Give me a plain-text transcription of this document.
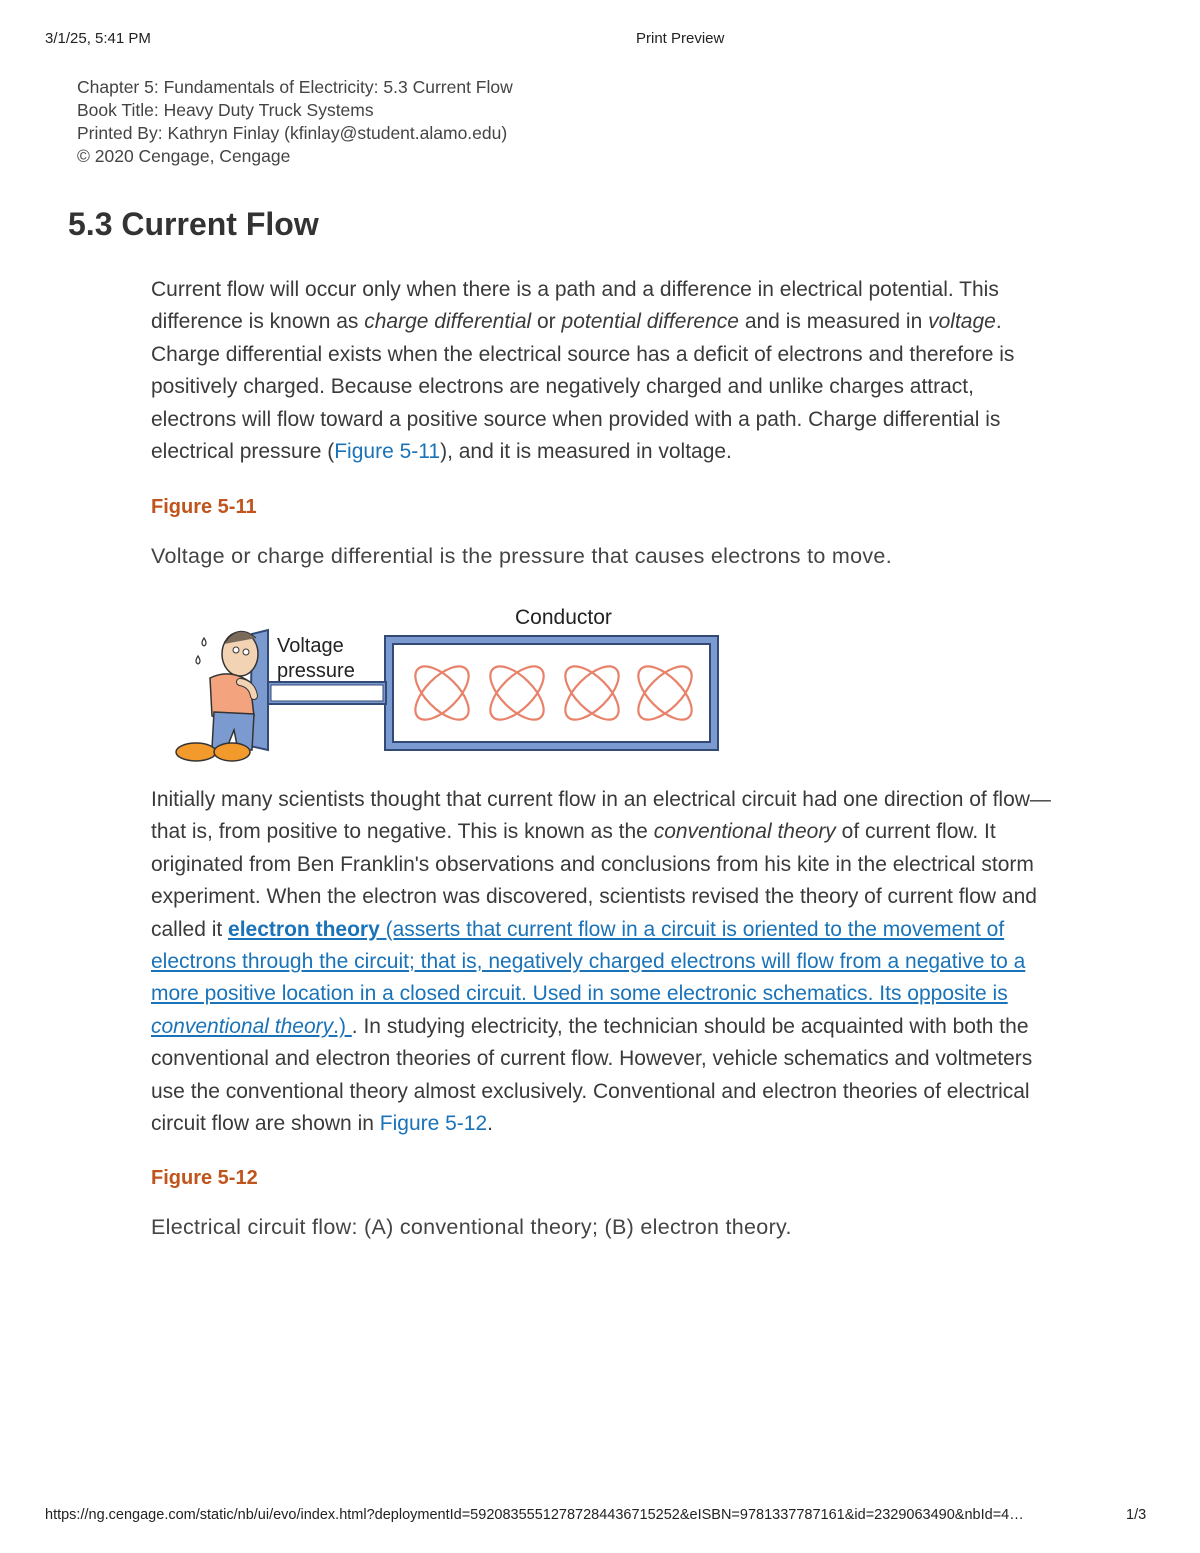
3/1/25, 5:41 PM	Print Preview
Chapter 5: Fundamentals of Electricity: 5.3 Current Flow
Book Title: Heavy Duty Truck Systems
Printed By: Kathryn Finlay (kfinlay@student.alamo.edu)
© 2020 Cengage, Cengage
5.3 Current Flow

Current flow will occur only when there is a path and a difference in electrical potential. This difference is known as charge differential or potential difference and is measured in voltage. Charge differential exists when the electrical source has a deficit of electrons and therefore is positively charged. Because electrons are negatively charged and unlike charges attract, electrons will flow toward a positive source when provided with a path. Charge differential is electrical pressure (Figure 5-11), and it is measured in voltage.

Figure 5-11
Voltage or charge differential is the pressure that causes electrons to move.
Conductor
Voltage
pressure

Initially many scientists thought that current flow in an electrical circuit had one direction of flow—that is, from positive to negative. This is known as the conventional theory of current flow. It originated from Ben Franklin's observations and conclusions from his kite in the electrical storm experiment. When the electron was discovered, scientists revised the theory of current flow and called it electron theory (asserts that current flow in a circuit is oriented to the movement of electrons through the circuit; that is, negatively charged electrons will flow from a negative to a more positive location in a closed circuit. Used in some electronic schematics. Its opposite is conventional theory.) . In studying electricity, the technician should be acquainted with both the conventional and electron theories of current flow. However, vehicle schematics and voltmeters use the conventional theory almost exclusively. Conventional and electron theories of electrical circuit flow are shown in Figure 5-12.

Figure 5-12
Electrical circuit flow: (A) conventional theory; (B) electron theory.
https://ng.cengage.com/static/nb/ui/evo/index.html?deploymentId=5920835551278728443671525​2&eISBN=9781337787161&id=2329063490&nbId=4…	1/3
